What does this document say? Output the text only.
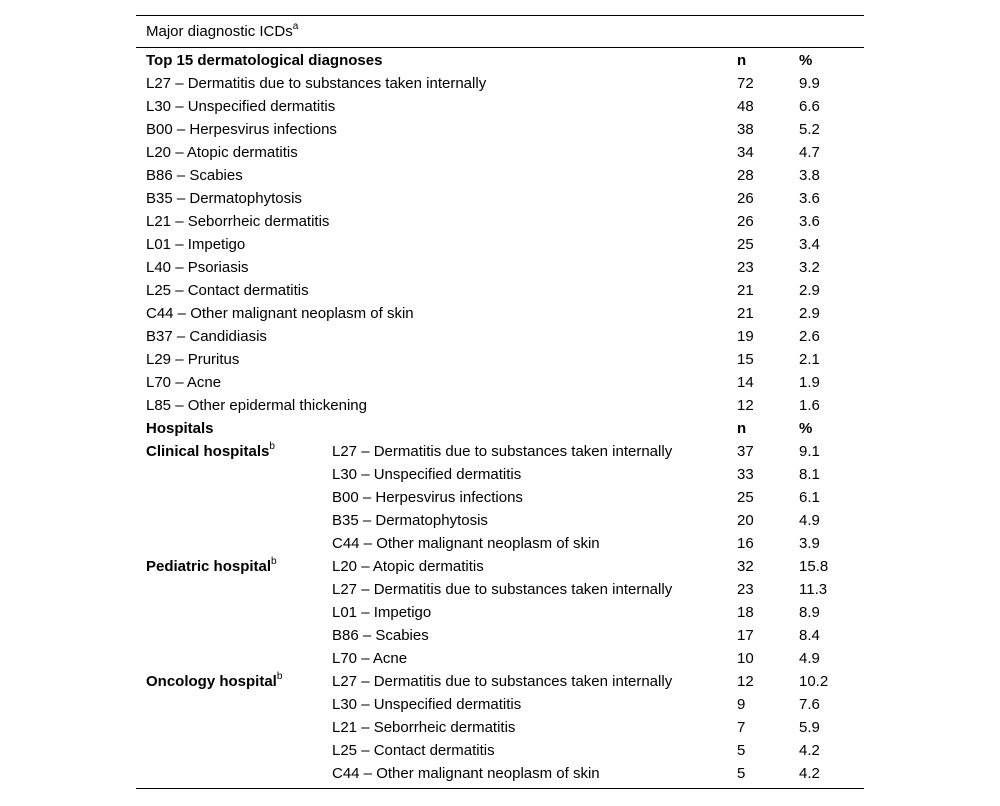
Major diagnostic ICDs$^a$
Top 15 dermatological diagnoses		n	%
L27 – Dermatitis due to substances taken internally		72	9.9
L30 – Unspecified dermatitis		48	6.6
B00 – Herpesvirus infections		38	5.2
L20 – Atopic dermatitis		34	4.7
B86 – Scabies		28	3.8
B35 – Dermatophytosis		26	3.6
L21 – Seborrheic dermatitis		26	3.6
L01 – Impetigo		25	3.4
L40 – Psoriasis		23	3.2
L25 – Contact dermatitis		21	2.9
C44 – Other malignant neoplasm of skin		21	2.9
B37 – Candidiasis		19	2.6
L29 – Pruritus		15	2.1
L70 – Acne		14	1.9
L85 – Other epidermal thickening		12	1.6
Hospitals		n	%
Clinical hospitals$^b$	L27 – Dermatitis due to substances taken internally	37	9.1
	L30 – Unspecified dermatitis	33	8.1
	B00 – Herpesvirus infections	25	6.1
	B35 – Dermatophytosis	20	4.9
	C44 – Other malignant neoplasm of skin	16	3.9
Pediatric hospital$^b$	L20 – Atopic dermatitis	32	15.8
	L27 – Dermatitis due to substances taken internally	23	11.3
	L01 – Impetigo	18	8.9
	B86 – Scabies	17	8.4
	L70 – Acne	10	4.9
Oncology hospital$^b$	L27 – Dermatitis due to substances taken internally	12	10.2
	L30 – Unspecified dermatitis	9	7.6
	L21 – Seborrheic dermatitis	7	5.9
	L25 – Contact dermatitis	5	4.2
	C44 – Other malignant neoplasm of skin	5	4.2
